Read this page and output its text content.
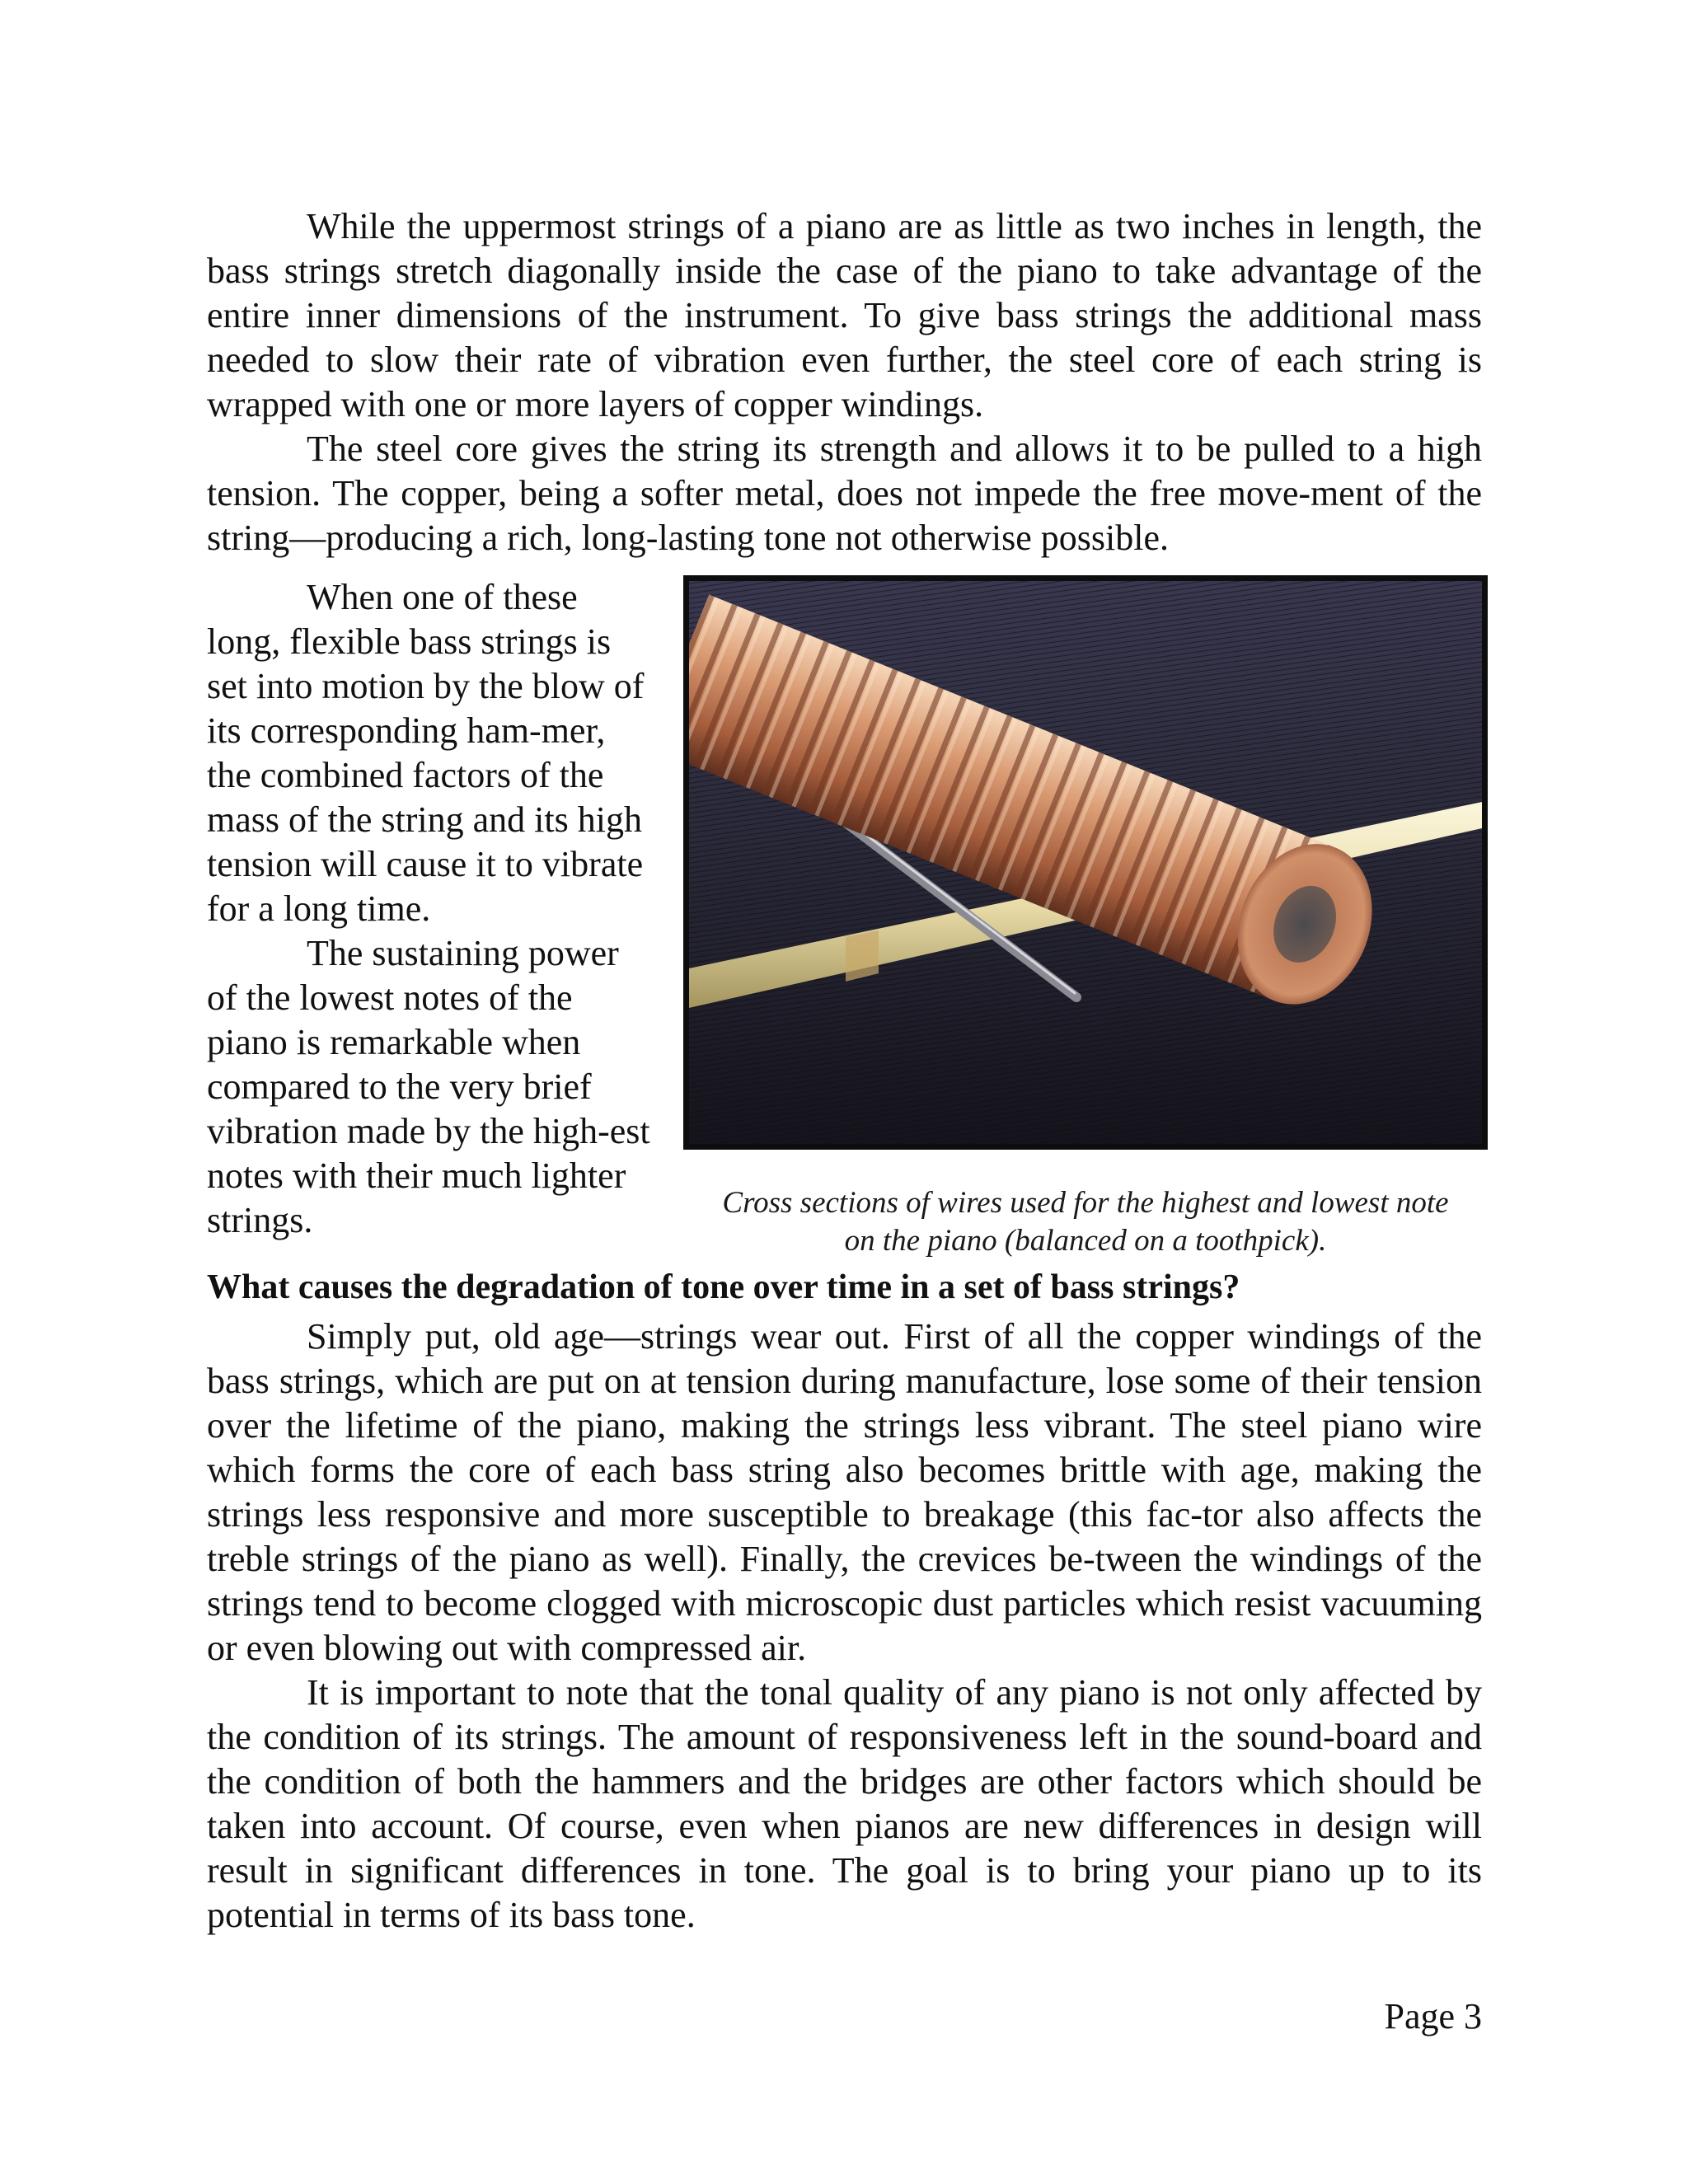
While the uppermost strings of a piano are as little as two inches in length, the bass strings stretch diagonally inside the case of the piano to take advantage of the entire inner dimensions of the instrument. To give bass strings the additional mass needed to slow their rate of vibration even further, the steel core of each string is wrapped with one or more layers of copper windings.

The steel core gives the string its strength and allows it to be pulled to a high tension. The copper, being a softer metal, does not impede the free move-ment of the string—producing a rich, long-lasting tone not otherwise possible.

When one of these long, flexible bass strings is set into motion by the blow of its corresponding ham-mer, the combined factors of the mass of the string and its high tension will cause it to vibrate for a long time.

The sustaining power of the lowest notes of the piano is remarkable when compared to the very brief vibration made by the high-est notes with their much lighter strings.	Cross sections of wires used for the highest and lowest note
on the piano (balanced on a toothpick).
What causes the degradation of tone over time in a set of bass strings?

Simply put, old age—strings wear out. First of all the copper windings of the bass strings, which are put on at tension during manufacture, lose some of their tension over the lifetime of the piano, making the strings less vibrant. The steel piano wire which forms the core of each bass string also becomes brittle with age, making the strings less responsive and more susceptible to breakage (this fac-tor also affects the treble strings of the piano as well). Finally, the crevices be-tween the windings of the strings tend to become clogged with microscopic dust particles which resist vacuuming or even blowing out with compressed air.

It is important to note that the tonal quality of any piano is not only affected by the condition of its strings. The amount of responsiveness left in the sound-board and the condition of both the hammers and the bridges are other factors which should be taken into account. Of course, even when pianos are new differences in design will result in significant differences in tone. The goal is to bring your piano up to its potential in terms of its bass tone.

Page 3
